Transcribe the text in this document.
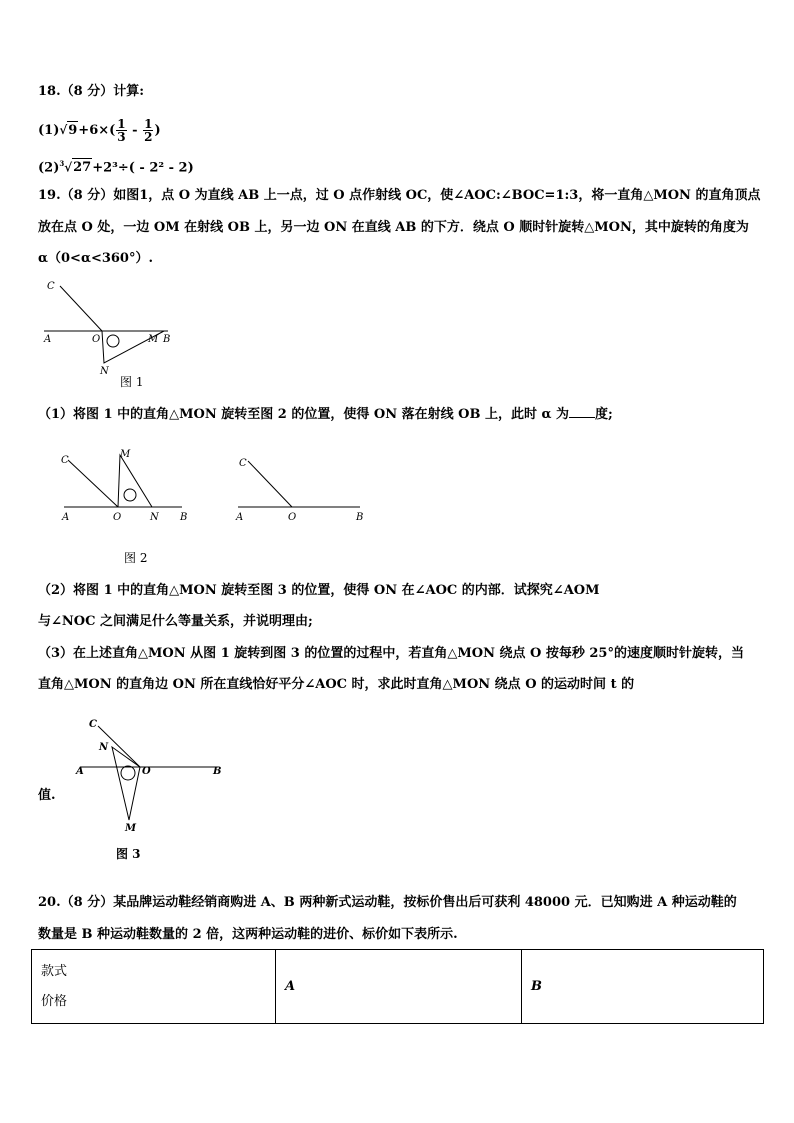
18.（8 分）计算:
$(1)√9+6\times( \frac{1}{3} - \frac{1}{2}$ )
$(2)^3√27+2^3\div( - 2^2 - 2)$
19.（8 分）如图1，点 O 为直线 AB 上一点，过 O 点作射线 OC，使∠AOC:∠BOC=1:3，将一直角△MON 的直角顶点
放在点 O 处，一边 OM 在射线 OB 上，另一边 ON 在直线 AB 的下方．绕点 O 顺时针旋转△MON，其中旋转的角度为
α（0<α<360°）.
C
A	O	M B
N
图 1
（1）将图 1 中的直角△MON 旋转至图 2 的位置，使得 ON 落在射线 OB 上，此时 α 为 度;
C
M
A	O	N B
C
A	O	B
图 2
（2）将图 1 中的直角△MON 旋转至图 3 的位置，使得 ON 在∠AOC 的内部．试探究∠AOM
与∠NOC 之间满足什么等量关系，并说明理由;
（3）在上述直角△MON 从图 1 旋转到图 3 的位置的过程中，若直角△MON 绕点 O 按每秒 25°的速度顺时针旋转，当
直角△MON 的直角边 ON 所在直线恰好平分∠AOC 时，求此时直角△MON 绕点 O 的运动时间 t 的
C
N
A	O	B
M
值.
图 3
20.（8 分）某品牌运动鞋经销商购进 A、B 两种新式运动鞋，按标价售出后可获利 48000 元．已知购进 A 种运动鞋的
数量是 B 种运动鞋数量的 2 倍，这两种运动鞋的进价、标价如下表所示.
款式
价格
	A	B
